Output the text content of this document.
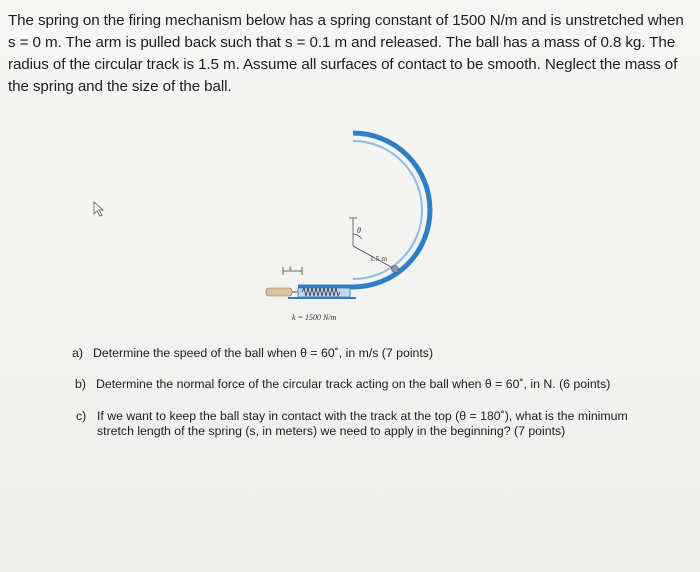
The spring on the firing mechanism below has a spring constant of 1500 N/m and is unstretched when s = 0 m. The arm is pulled back such that s = 0.1 m and released. The ball has a mass of 0.8 kg. The radius of the circular track is 1.5 m. Assume all surfaces of contact to be smooth. Neglect the mass of the spring and the size of the ball.
θ
1.5 m
s
k = 1500 N/m
a) Determine the speed of the ball when θ = 60˚, in m/s (7 points)
b) Determine the normal force of the circular track acting on the ball when θ = 60˚, in N. (6 points)
c) If we want to keep the ball stay in contact with the track at the top (θ = 180˚), what is the minimum stretch length of the spring (s, in meters) we need to apply in the beginning? (7 points)
